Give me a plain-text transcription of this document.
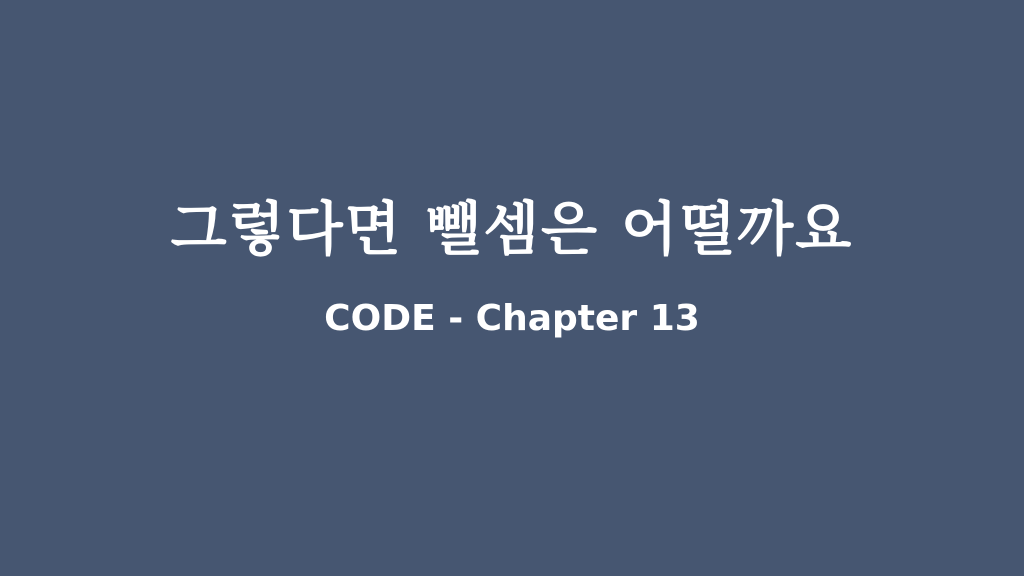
그렇다면 뺄셈은 어떨까요
CODE - Chapter 13
